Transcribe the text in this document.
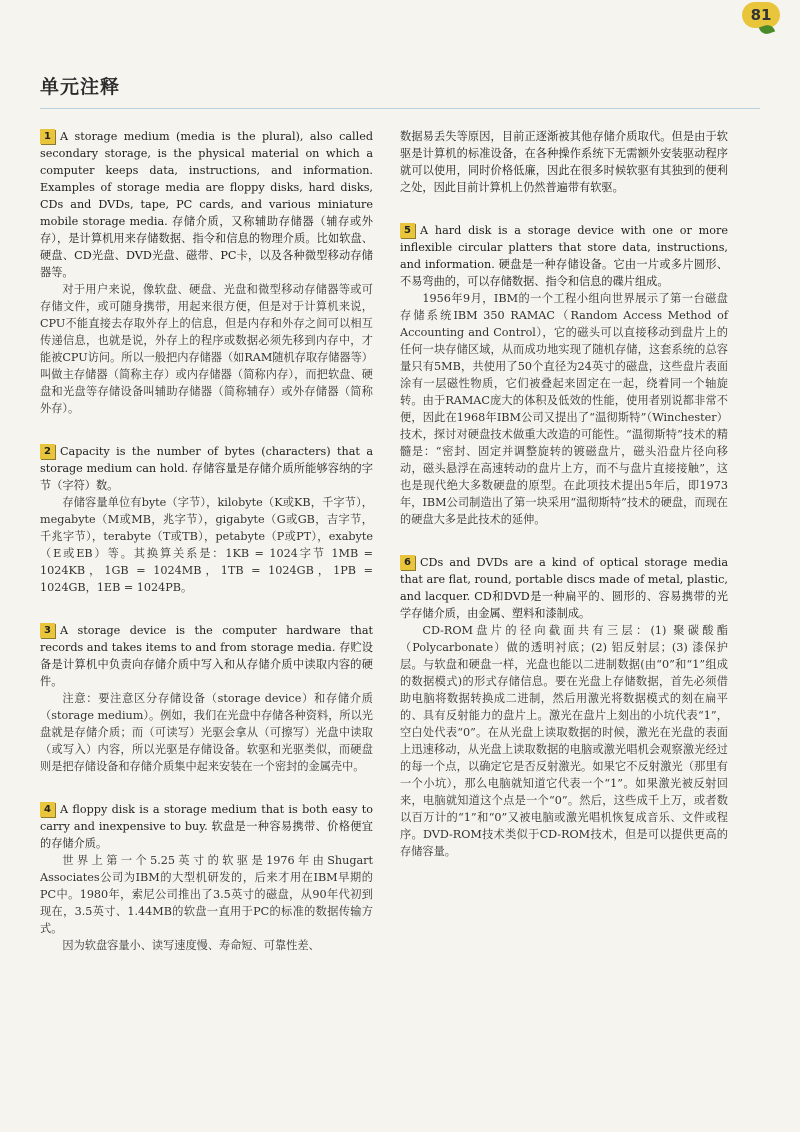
81
单元注释

1 A storage medium (media is the plural), also called secondary storage, is the physical material on which a computer keeps data, instructions, and information. Examples of storage media are floppy disks, hard disks, CDs and DVDs, tape, PC cards, and various miniature mobile storage media. 存储介质，又称辅助存储器（辅存或外存），是计算机用来存储数据、指令和信息的物理介质。比如软盘、硬盘、CD光盘、DVD光盘、磁带、PC卡，以及各种微型移动存储器等。

对于用户来说，像软盘、硬盘、光盘和微型移动存储器等或可存储文件，或可随身携带，用起来很方便，但是对于计算机来说，CPU不能直接去存取外存上的信息，但是内存和外存之间可以相互传递信息，也就是说，外存上的程序或数据必须先移到内存中，才能被CPU访问。所以一般把内存储器（如RAM随机存取存储器等）叫做主存储器（简称主存）或内存储器（简称内存），而把软盘、硬盘和光盘等存储设备叫辅助存储器（简称辅存）或外存储器（简称外存）。

2 Capacity is the number of bytes (characters) that a storage medium can hold. 存储容量是存储介质所能够容纳的字节（字符）数。

存储容量单位有byte（字节），kilobyte（K或KB，千字节），megabyte（M或MB，兆字节），gigabyte（G或GB，吉字节，千兆字节），terabyte（T或TB），petabyte（P或PT），exabyte（E或EB）等。其换算关系是：1KB = 1024字节 1MB = 1024KB，1GB = 1024MB，1TB = 1024GB，1PB = 1024GB，1EB = 1024PB。

3 A storage device is the computer hardware that records and takes items to and from storage media. 存贮设备是计算机中负责向存储介质中写入和从存储介质中读取内容的硬件。

注意：要注意区分存储设备（storage device）和存储介质（storage medium）。例如，我们在光盘中存储各种资料，所以光盘就是存储介质；而（可读写）光驱会拿从（可擦写）光盘中读取（或写入）内容，所以光驱是存储设备。软驱和光驱类似，而硬盘则是把存储设备和存储介质集中起来安装在一个密封的金属壳中。

4 A floppy disk is a storage medium that is both easy to carry and inexpensive to buy. 软盘是一种容易携带、价格便宜的存储介质。

世界上第一个5.25英寸的软驱是1976年由Shugart Associates公司为IBM的大型机研发的，后来才用在IBM早期的PC中。1980年，索尼公司推出了3.5英寸的磁盘，从90年代初到现在，3.5英寸、1.44MB的软盘一直用于PC的标准的数据传输方式。

因为软盘容量小、读写速度慢、寿命短、可靠性差、

数据易丢失等原因，目前正逐渐被其他存储介质取代。但是由于软驱是计算机的标准设备，在各种操作系统下无需额外安装驱动程序就可以使用，同时价格低廉，因此在很多时候软驱有其独到的便利之处，因此目前计算机上仍然普遍带有软驱。

5 A hard disk is a storage device with one or more inflexible circular platters that store data, instructions, and information. 硬盘是一种存储设备。它由一片或多片圆形、不易弯曲的，可以存储数据、指令和信息的碟片组成。

1956年9月，IBM的一个工程小组向世界展示了第一台磁盘存储系统IBM 350 RAMAC（Random Access Method of Accounting and Control），它的磁头可以直接移动到盘片上的任何一块存储区域，从而成功地实现了随机存储，这套系统的总容量只有5MB，共使用了50个直径为24英寸的磁盘，这些盘片表面涂有一层磁性物质，它们被叠起来固定在一起，绕着同一个轴旋转。由于RAMAC庞大的体积及低效的性能，使用者别说都非常不便，因此在1968年IBM公司又提出了“温彻斯特”（Winchester）技术，探讨对硬盘技术做重大改造的可能性。“温彻斯特”技术的精髓是：“密封、固定并调整旋转的镀磁盘片，磁头沿盘片径向移动，磁头悬浮在高速转动的盘片上方，而不与盘片直接接触”，这也是现代绝大多数硬盘的原型。在此项技术提出5年后，即1973年，IBM公司制造出了第一块采用“温彻斯特”技术的硬盘，而现在的硬盘大多是此技术的延伸。

6 CDs and DVDs are a kind of optical storage media that are flat, round, portable discs made of metal, plastic, and lacquer. CD和DVD是一种扁平的、圆形的、容易携带的光学存储介质，由金属、塑料和漆制成。

CD-ROM盘片的径向截面共有三层：(1) 聚碳酸酯（Polycarbonate）做的透明衬底；(2) 铝反射层；(3) 漆保护层。与软盘和硬盘一样，光盘也能以二进制数据(由“0”和“1”组成的数据模式)的形式存储信息。要在光盘上存储数据，首先必须借助电脑将数据转换成二进制，然后用激光将数据模式的刻在扁平的、具有反射能力的盘片上。激光在盘片上刻出的小坑代表“1”，空白处代表“0”。在从光盘上读取数据的时候，激光在光盘的表面上迅速移动，从光盘上读取数据的电脑或激光唱机会观察激光经过的每一个点，以确定它是否反射激光。如果它不反射激光（那里有一个小坑），那么电脑就知道它代表一个“1”。如果激光被反射回来，电脑就知道这个点是一个“0”。然后，这些成千上万，或者数以百万计的“1”和“0”又被电脑或激光唱机恢复成音乐、文件或程序。DVD-ROM技术类似于CD-ROM技术，但是可以提供更高的存储容量。
